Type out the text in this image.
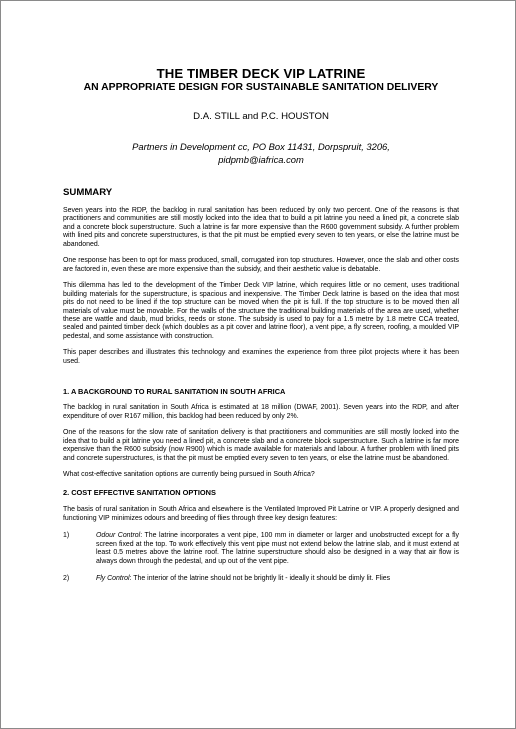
THE TIMBER DECK VIP LATRINE
AN APPROPRIATE DESIGN FOR SUSTAINABLE SANITATION DELIVERY
D.A. STILL and P.C. HOUSTON
Partners in Development cc, PO Box 11431, Dorpspruit, 3206,
pidpmb@iafrica.com
SUMMARY

Seven years into the RDP, the backlog in rural sanitation has been reduced by only two percent. One of the reasons is that practitioners and communities are still mostly locked into the idea that to build a pit latrine you need a lined pit, a concrete slab and a concrete block superstructure. Such a latrine is far more expensive than the R600 government subsidy. A further problem with lined pits and concrete superstructures, is that the pit must be emptied every seven to ten years, or else the latrine must be abandoned.

One response has been to opt for mass produced, small, corrugated iron top structures. However, once the slab and other costs are factored in, even these are more expensive than the subsidy, and their aesthetic value is debatable.

This dilemma has led to the development of the Timber Deck VIP latrine, which requires little or no cement, uses traditional building materials for the superstructure, is spacious and inexpensive. The Timber Deck latrine is based on the idea that most pits do not need to be lined if the top structure can be moved when the pit is full. If the top structure is to be moved then all materials of value must be movable. For the walls of the structure the traditional building materials of the area are used, whether these are wattle and daub, mud bricks, reeds or stone. The subsidy is used to pay for a 1.5 metre by 1.8 metre CCA treated, sealed and painted timber deck (which doubles as a pit cover and latrine floor), a vent pipe, a fly screen, roofing, a moulded VIP pedestal, and some assistance with construction.

This paper describes and illustrates this technology and examines the experience from three pilot projects where it has been used.

1. A BACKGROUND TO RURAL SANITATION IN SOUTH AFRICA

The backlog in rural sanitation in South Africa is estimated at 18 million (DWAF, 2001). Seven years into the RDP, and after expenditure of over R167 million, this backlog had been reduced by only 2%.

One of the reasons for the slow rate of sanitation delivery is that practitioners and communities are still mostly locked into the idea that to build a pit latrine you need a lined pit, a concrete slab and a concrete block superstructure. Such a latrine is far more expensive than the R600 subsidy (now R900) which is made available for materials and labour. A further problem with lined pits and concrete superstructures, is that the pit must be emptied every seven to ten years, or else the latrine must be abandoned.

What cost-effective sanitation options are currently being pursued in South Africa?

2. COST EFFECTIVE SANITATION OPTIONS

The basis of rural sanitation in South Africa and elsewhere is the Ventilated Improved Pit Latrine or VIP. A properly designed and functioning VIP minimizes odours and breeding of flies through three key design features:

1)	Odour Control: The latrine incorporates a vent pipe, 100 mm in diameter or larger and unobstructed except for a fly screen fixed at the top. To work effectively this vent pipe must not extend below the latrine slab, and it must extend at least 0.5 metres above the latrine roof. The latrine superstructure should also be designed in a way that air flow is always down through the pedestal, and up out of the vent pipe.

2)	Fly Control: The interior of the latrine should not be brightly lit - ideally it should be dimly lit. Flies
